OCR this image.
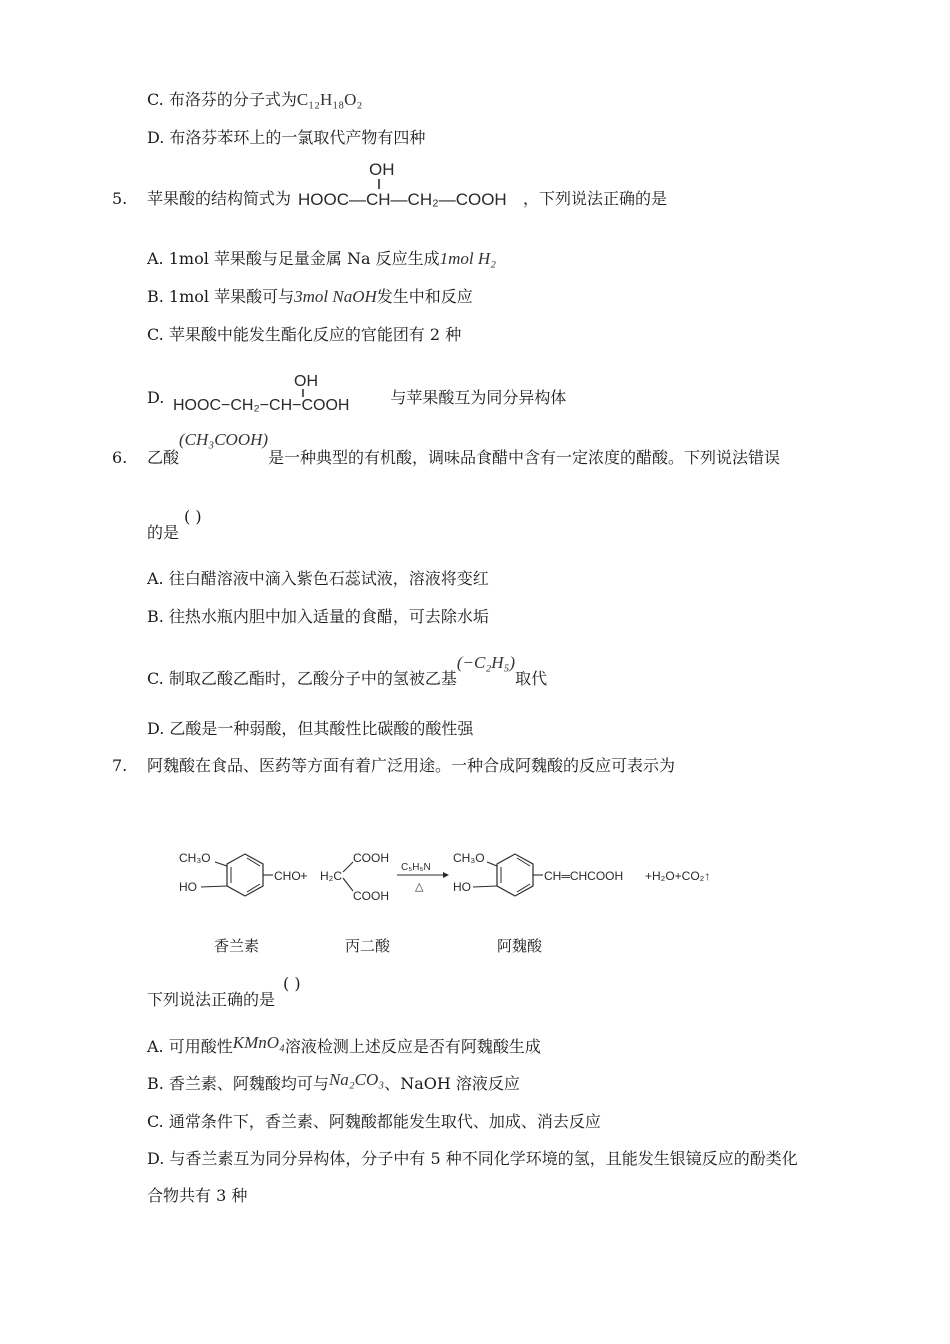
C. 布洛芬的分子式为C₁₂H₁₈O₂
D. 布洛芬苯环上的一氯取代产物有四种
5. 苹果酸的结构简式为	，下列说法正确的是
OH
HOOC—CH—CH₂—COOH
A. 1mol 苹果酸与足量金属 Na 反应生成1mol H₂
B. 1mol 苹果酸可与3mol NaOH发生中和反应
C. 苹果酸中能发生酯化反应的官能团有 2 种
D.	与苹果酸互为同分异构体
OH
HOOC−CH₂−CH−COOH
6. 乙酸(CH₃COOH)是一种典型的有机酸，调味品食醋中含有一定浓度的醋酸。下列说法错误
( )
的是
A. 往白醋溶液中滴入紫色石蕊试液，溶液将变红
B. 往热水瓶内胆中加入适量的食醋，可去除水垢
C. 制取乙酸乙酯时，乙酸分子中的氢被乙基(−C₂H₅)取代
D. 乙酸是一种弱酸，但其酸性比碳酸的酸性强
7. 阿魏酸在食品、医药等方面有着广泛用途。一种合成阿魏酸的反应可表示为
CH₃O
HO
CHO +
COOH
H₂C
COOH
C₅H₅N
△
CH₃O
HO
CH═CHCOOH +H₂O+CO₂↑
香兰素	丙二酸	阿魏酸
下列说法正确的是
( )
A. 可用酸性KMnO₄溶液检测上述反应是否有阿魏酸生成
B. 香兰素、阿魏酸均可与Na₂CO₃、NaOH 溶液反应
C. 通常条件下，香兰素、阿魏酸都能发生取代、加成、消去反应
D. 与香兰素互为同分异构体，分子中有 5 种不同化学环境的氢，且能发生银镜反应的酚类化
合物共有 3 种
